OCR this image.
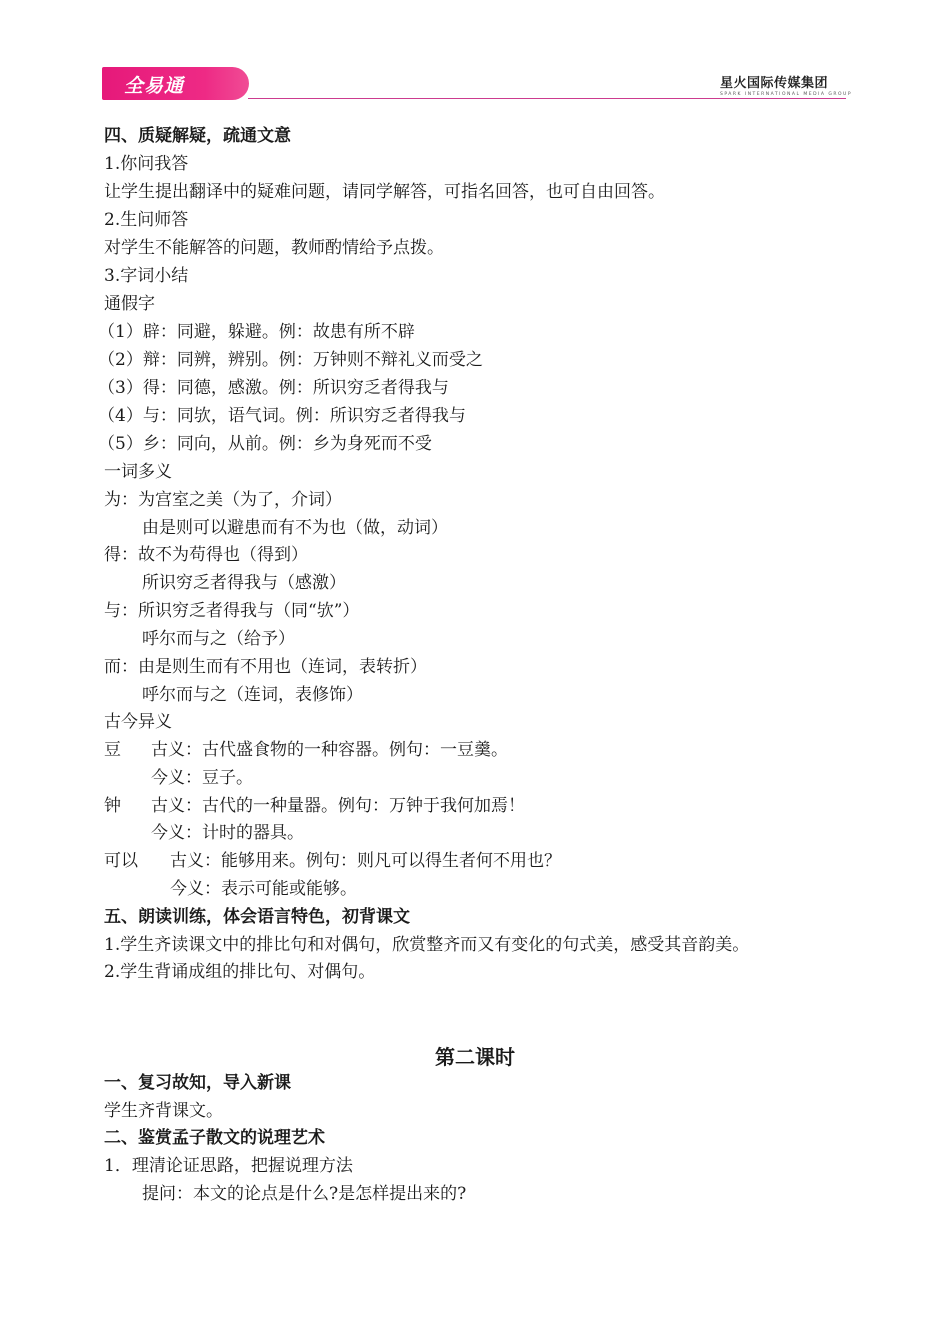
全易通	星火国际传媒集团
SPARK INTERNATIONAL MEDIA GROUP
四、质疑解疑，疏通文意
1.你问我答
让学生提出翻译中的疑难问题，请同学解答，可指名回答，也可自由回答。
2.生问师答
对学生不能解答的问题，教师酌情给予点拨。
3.字词小结
通假字
（1）辟：同避，躲避。例：故患有所不辟
（2）辩：同辨，辨别。例：万钟则不辩礼义而受之
（3）得：同德，感激。例：所识穷乏者得我与
（4）与：同欤，语气词。例：所识穷乏者得我与
（5）乡：同向，从前。例：乡为身死而不受
一词多义
为：为宫室之美（为了，介词）
由是则可以避患而有不为也（做，动词）
得：故不为苟得也（得到）
所识穷乏者得我与（感激）
与：所识穷乏者得我与（同“欤”）
呼尔而与之（给予）
而：由是则生而有不用也（连词，表转折）
呼尔而与之（连词，表修饰）
古今异义
豆 古义：古代盛食物的一种容器。例句：一豆羹。
今义：豆子。
钟 古义：古代的一种量器。例句：万钟于我何加焉！
今义：计时的器具。
可以 古义：能够用来。例句：则凡可以得生者何不用也？
今义：表示可能或能够。
五、朗读训练，体会语言特色，初背课文
1.学生齐读课文中的排比句和对偶句，欣赏整齐而又有变化的句式美，感受其音韵美。
2.学生背诵成组的排比句、对偶句。
第二课时
一、复习故知，导入新课
学生齐背课文。
二、鉴赏孟子散文的说理艺术
1．理清论证思路，把握说理方法
提问：本文的论点是什么?是怎样提出来的?
